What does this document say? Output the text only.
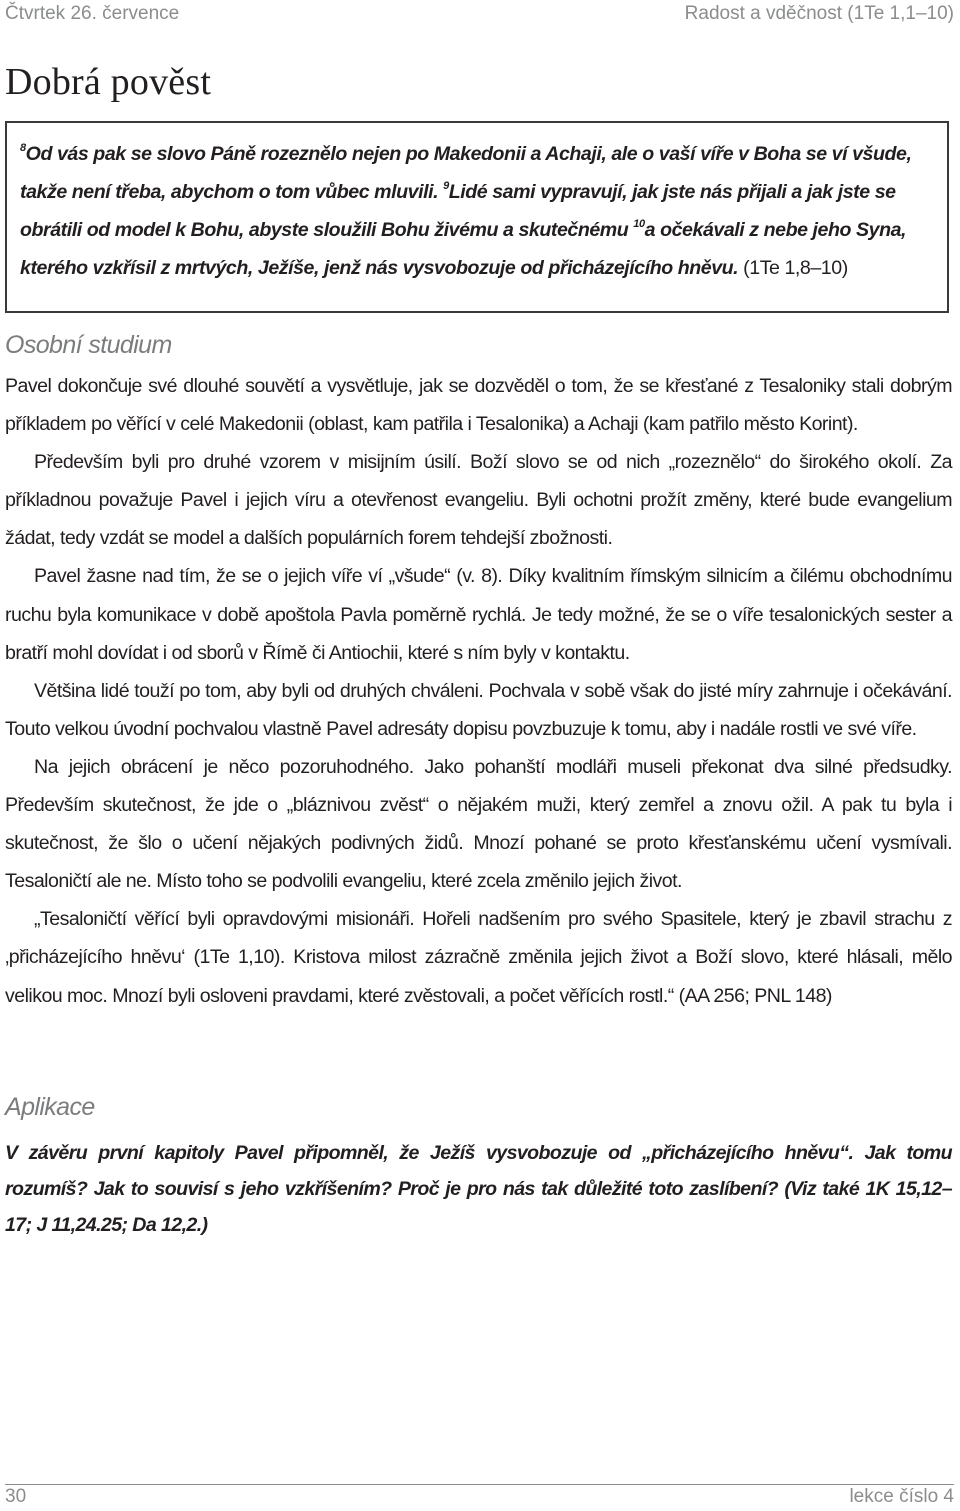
Čtvrtek 26. července	Radost a vděčnost (1Te 1,1–10)
Dobrá pověst
$^8$Od vás pak se slovo Páně rozeznělo nejen po Makedonii a Achaji, ale o vaší víře v Boha se ví všude, takže není třeba, abychom o tom vůbec mluvili. $^9$Lidé sami vypravují, jak jste nás přijali a jak jste se obrátili od model k Bohu, abyste sloužili Bohu živému a skutečnému $^{10}$a očekávali z nebe jeho Syna, kterého vzkřísil z mrtvých, Ježíše, jenž nás vysvobozuje od přicházejícího hněvu. (1Te 1,8–10)
Osobní studium

Pavel dokončuje své dlouhé souvětí a vysvětluje, jak se dozvěděl o tom, že se křesťané z Tesaloniky stali dobrým příkladem po věřící v celé Makedonii (oblast, kam patřila i Tesalonika) a Achaji (kam patřilo město Korint).

Především byli pro druhé vzorem v misijním úsilí. Boží slovo se od nich „rozeznělo“ do širokého okolí. Za příkladnou považuje Pavel i jejich víru a otevřenost evangeliu. Byli ochotni prožít změny, které bude evangelium žádat, tedy vzdát se model a dalších populárních forem tehdejší zbožnosti.

Pavel žasne nad tím, že se o jejich víře ví „všude“ (v. 8). Díky kvalitním římským silnicím a čilému obchodnímu ruchu byla komunikace v době apoštola Pavla poměrně rychlá. Je tedy možné, že se o víře tesalonických sester a bratří mohl dovídat i od sborů v Římě či Antiochii, které s ním byly v kontaktu.

Většina lidé touží po tom, aby byli od druhých chváleni. Pochvala v sobě však do jisté míry zahrnuje i očekávání. Touto velkou úvodní pochvalou vlastně Pavel adresáty dopisu povzbuzuje k tomu, aby i nadále rostli ve své víře.

Na jejich obrácení je něco pozoruhodného. Jako pohanští modláři museli překonat dva silné předsudky. Především skutečnost, že jde o „bláznivou zvěst“ o nějakém muži, který zemřel a znovu ožil. A pak tu byla i skutečnost, že šlo o učení nějakých podivných židů. Mnozí pohané se proto křesťanskému učení vysmívali. Tesaloničtí ale ne. Místo toho se podvolili evangeliu, které zcela změnilo jejich život.

„Tesaloničtí věřící byli opravdovými misionáři. Hořeli nadšením pro svého Spasitele, který je zbavil strachu z ‚přicházejícího hněvu‘ (1Te 1,10). Kristova milost zázračně změnila jejich život a Boží slovo, které hlásali, mělo velikou moc. Mnozí byli osloveni pravdami, které zvěstovali, a počet věřících rostl.“ (AA 256; PNL 148)

Aplikace

V závěru první kapitoly Pavel připomněl, že Ježíš vysvobozuje od „přicházejícího hněvu“. Jak tomu rozumíš? Jak to souvisí s jeho vzkříšením? Proč je pro nás tak důležité toto zaslíbení? (Viz také 1K 15,12–17; J 11,24.25; Da 12,2.)

30	lekce číslo 4
